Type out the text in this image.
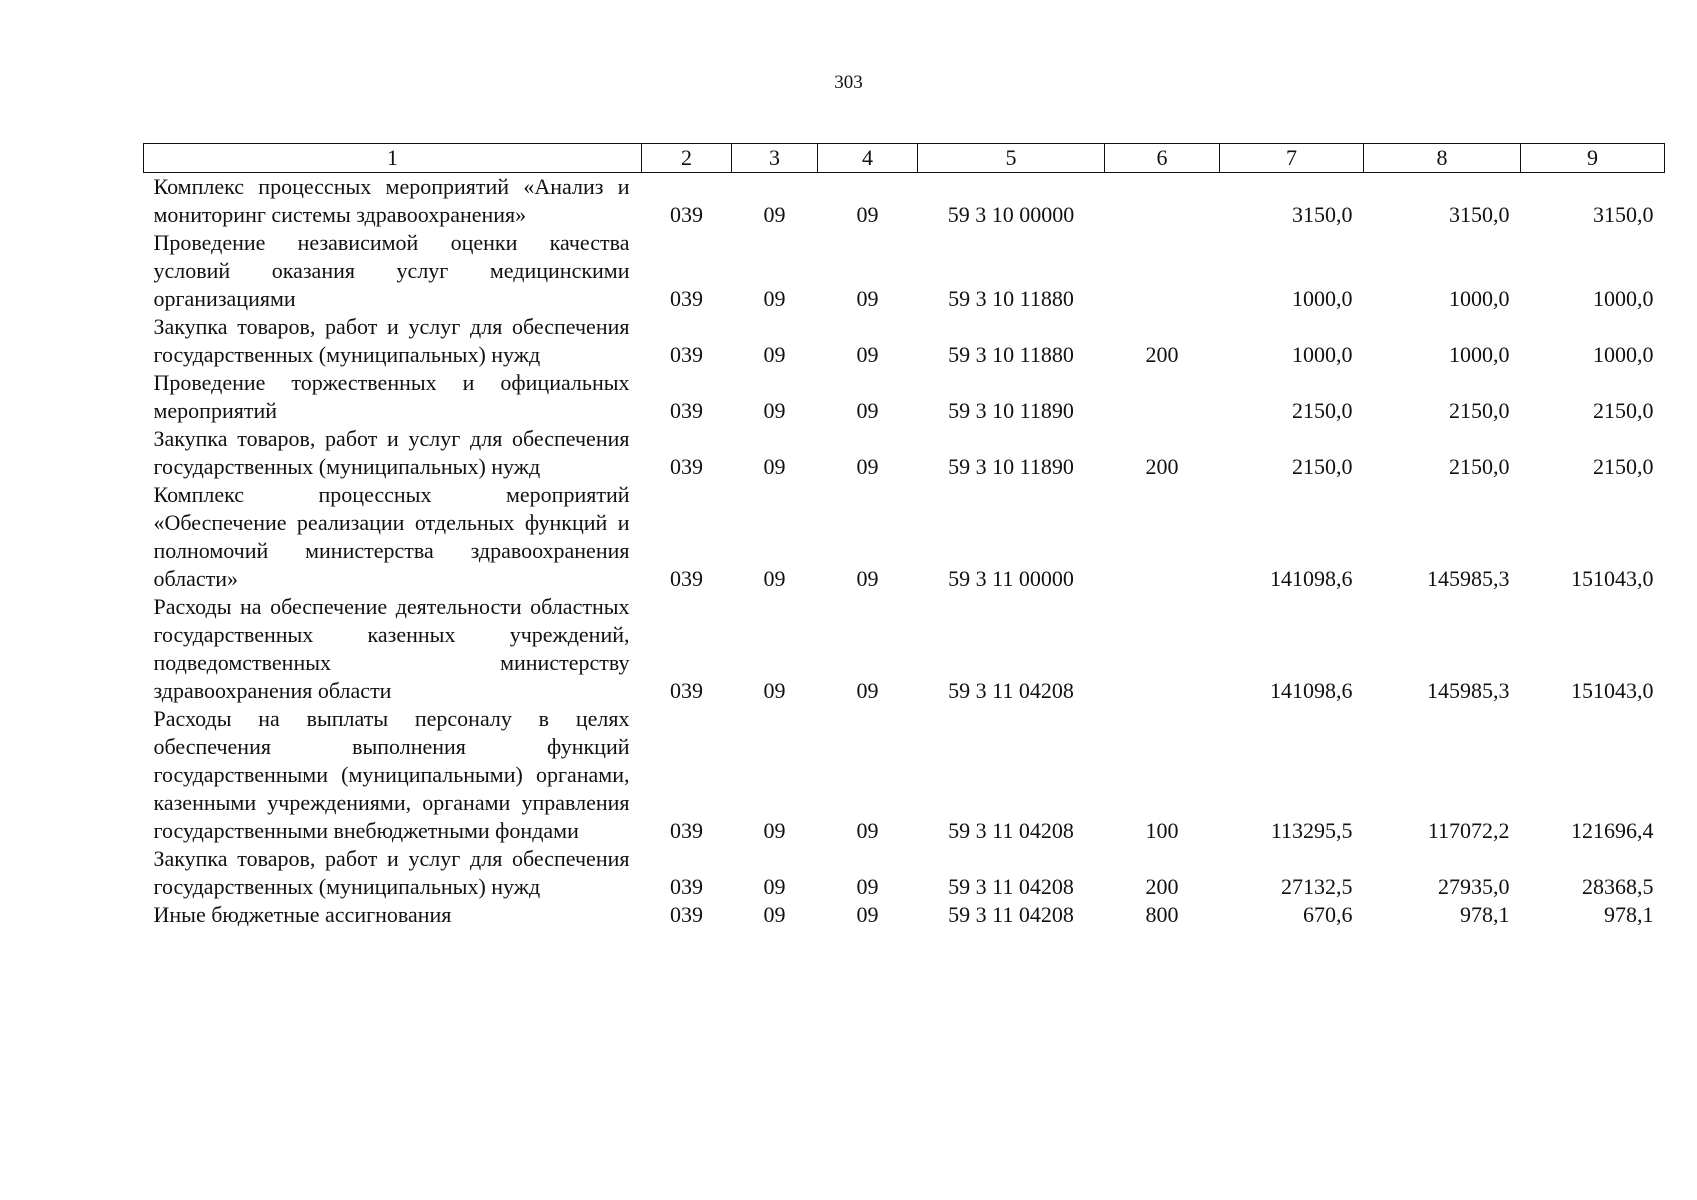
303
1	2	3	4	5	6	7	8	9
Комплекс процессных мероприятий «Анализ и мониторинг системы здравоохранения»	039	09	09	59 3 10 00000		3150,0	3150,0	3150,0
Проведение независимой оценки качества условий оказания услуг медицинскими организациями	039	09	09	59 3 10 11880		1000,0	1000,0	1000,0
Закупка товаров, работ и услуг для обеспечения государственных (муниципальных) нужд	039	09	09	59 3 10 11880	200	1000,0	1000,0	1000,0
Проведение торжественных и официальных мероприятий	039	09	09	59 3 10 11890		2150,0	2150,0	2150,0
Закупка товаров, работ и услуг для обеспечения государственных (муниципальных) нужд	039	09	09	59 3 10 11890	200	2150,0	2150,0	2150,0
Комплекс процессных мероприятий «Обеспечение реализации отдельных функций и полномочий министерства здравоохранения области»	039	09	09	59 3 11 00000		141098,6	145985,3	151043,0
Расходы на обеспечение деятельности областных государственных казенных учреждений, подведомственных министерству здравоохранения области	039	09	09	59 3 11 04208		141098,6	145985,3	151043,0
Расходы на выплаты персоналу в целях обеспечения выполнения функций государственными (муниципальными) органами, казенными учреждениями, органами управления государственными внебюджетными фондами	039	09	09	59 3 11 04208	100	113295,5	117072,2	121696,4
Закупка товаров, работ и услуг для обеспечения государственных (муниципальных) нужд	039	09	09	59 3 11 04208	200	27132,5	27935,0	28368,5
Иные бюджетные ассигнования	039	09	09	59 3 11 04208	800	670,6	978,1	978,1
